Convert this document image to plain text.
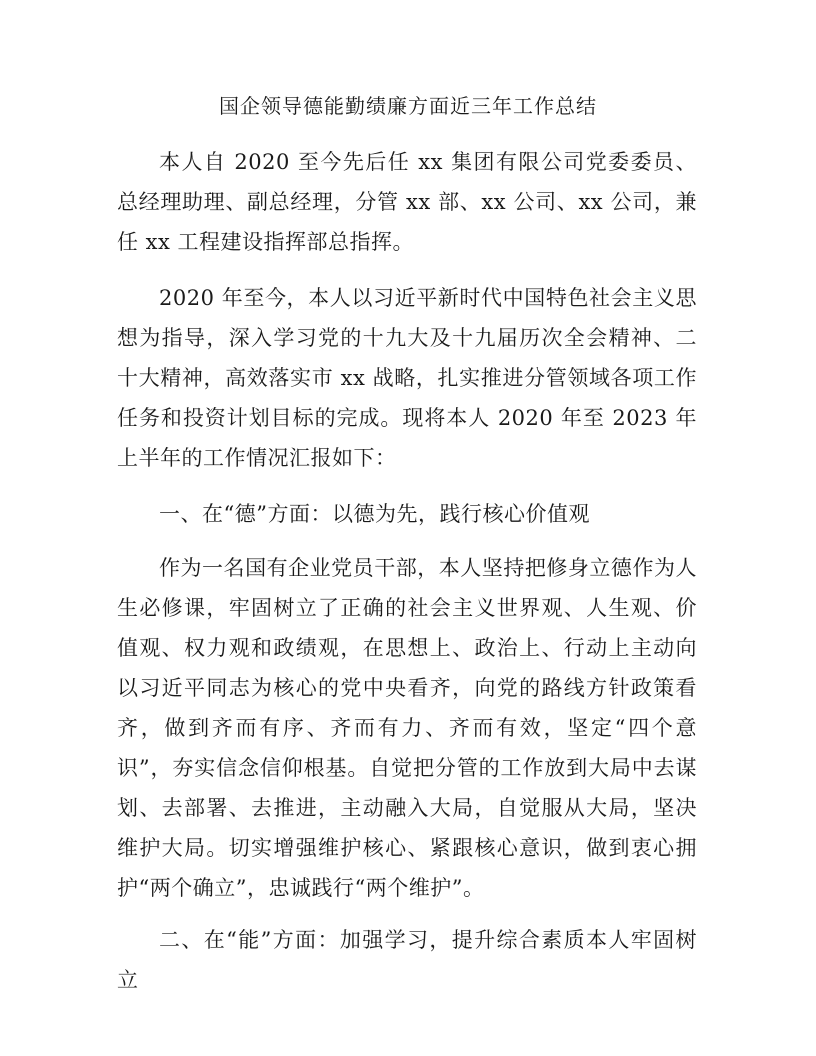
国企领导德能勤绩廉方面近三年工作总结

本人自 2020 至今先后任 xx 集团有限公司党委委员、总经理助理、副总经理，分管 xx 部、xx 公司、xx 公司，兼任 xx 工程建设指挥部总指挥。

2020 年至今，本人以习近平新时代中国特色社会主义思想为指导，深入学习党的十九大及十九届历次全会精神、二十大精神，高效落实市 xx 战略，扎实推进分管领域各项工作任务和投资计划目标的完成。现将本人 2020 年至 2023 年上半年的工作情况汇报如下：

一、在“德”方面：以德为先，践行核心价值观

作为一名国有企业党员干部，本人坚持把修身立德作为人生必修课，牢固树立了正确的社会主义世界观、人生观、价值观、权力观和政绩观，在思想上、政治上、行动上主动向以习近平同志为核心的党中央看齐，向党的路线方针政策看齐，做到齐而有序、齐而有力、齐而有效，坚定“四个意识”，夯实信念信仰根基。自觉把分管的工作放到大局中去谋划、去部署、去推进，主动融入大局，自觉服从大局，坚决维护大局。切实增强维护核心、紧跟核心意识，做到衷心拥护“两个确立”，忠诚践行“两个维护”。

二、在“能”方面：加强学习，提升综合素质本人牢固树立
